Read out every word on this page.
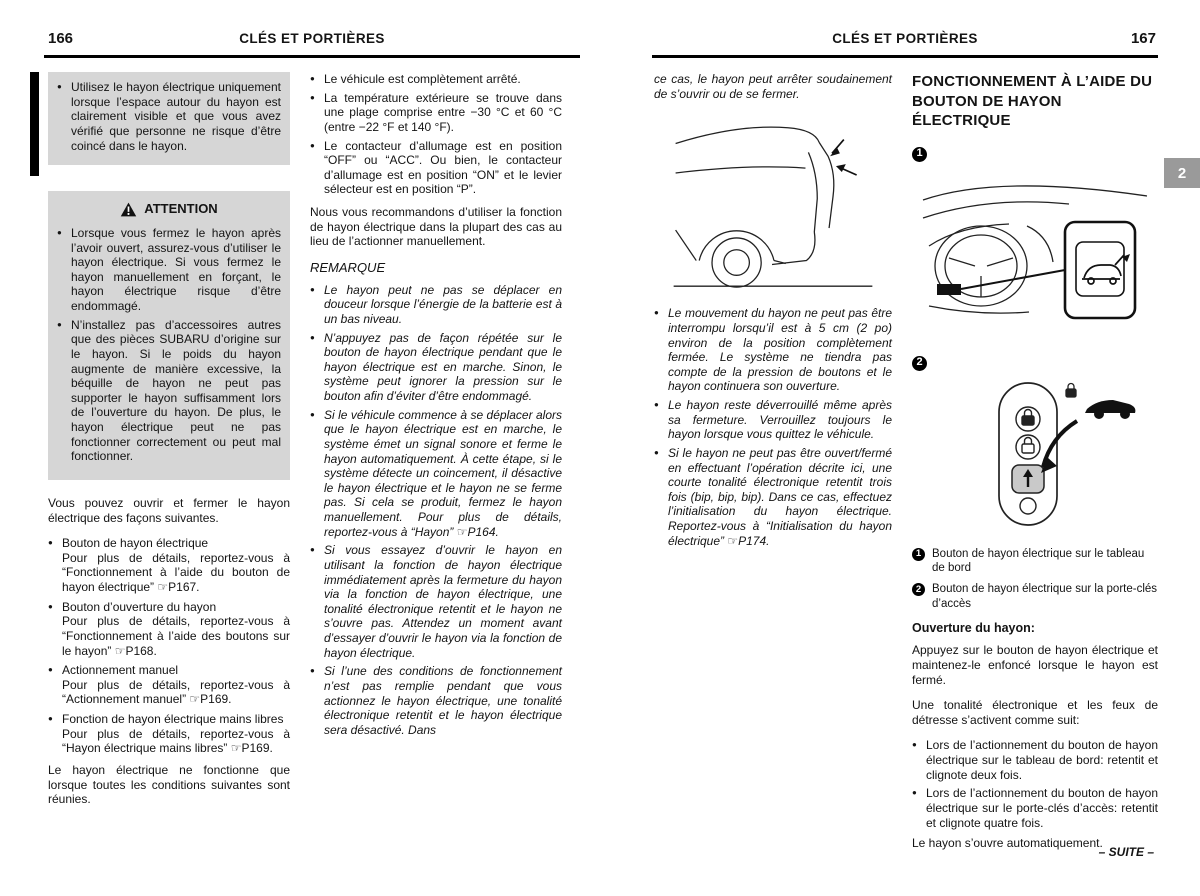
166	CLÉS ET PORTIÈRES
● Utilisez le hayon électrique uniquement lorsque l’espace autour du hayon est clairement visible et que vous avez vérifié que personne ne risque d’être coincé dans le hayon.
ATTENTION
● Lorsque vous fermez le hayon après l’avoir ouvert, assurez-vous d’utiliser le hayon électrique. Si vous fermez le hayon manuellement en forçant, le hayon électrique risque d’être endommagé.
● N’installez pas d’accessoires autres que des pièces SUBARU d’origine sur le hayon. Si le poids du hayon augmente de manière excessive, la béquille de hayon ne peut pas supporter le hayon suffisamment lors de l’ouverture du hayon. De plus, le hayon électrique peut ne pas fonctionner correctement ou peut mal fonctionner.

Vous pouvez ouvrir et fermer le hayon électrique des façons suivantes.

● Bouton de hayon électrique
Pour plus de détails, reportez-vous à “Fonctionnement à l’aide du bouton de hayon électrique” ☞P167.
● Bouton d’ouverture du hayon
Pour plus de détails, reportez-vous à “Fonctionnement à l’aide des boutons sur le hayon” ☞P168.
● Actionnement manuel
Pour plus de détails, reportez-vous à “Actionnement manuel” ☞P169.
● Fonction de hayon électrique mains libres
Pour plus de détails, reportez-vous à “Hayon électrique mains libres” ☞P169.

Le hayon électrique ne fonctionne que lorsque toutes les conditions suivantes sont réunies.

● Le véhicule est complètement arrêté.
● La température extérieure se trouve dans une plage comprise entre −30 °C et 60 °C (entre −22 °F et 140 °F).
● Le contacteur d’allumage est en position “OFF” ou “ACC”. Ou bien, le contacteur d’allumage est en position “ON” et le levier sélecteur est en position “P”.

Nous vous recommandons d’utiliser la fonction de hayon électrique dans la plupart des cas au lieu de l’actionner manuellement.

REMARQUE
● Le hayon peut ne pas se déplacer en douceur lorsque l’énergie de la batterie est à un bas niveau.
● N’appuyez pas de façon répétée sur le bouton de hayon électrique pendant que le hayon électrique est en marche. Sinon, le système peut ignorer la pression sur le bouton afin d’éviter d’être endommagé.
● Si le véhicule commence à se déplacer alors que le hayon électrique est en marche, le système émet un signal sonore et ferme le hayon automatiquement. À cette étape, si le système détecte un coincement, il désactive le hayon électrique et le hayon ne se ferme pas. Si cela se produit, fermez le hayon manuellement. Pour plus de détails, reportez-vous à “Hayon” ☞P164.
● Si vous essayez d’ouvrir le hayon en utilisant la fonction de hayon électrique immédiatement après la fermeture du hayon via la fonction de hayon électrique, une tonalité électronique retentit et le hayon ne s’ouvre pas. Attendez un moment avant d’essayer d’ouvrir le hayon via la fonction de hayon électrique.
● Si l’une des conditions de fonctionnement n’est pas remplie pendant que vous actionnez le hayon électrique, une tonalité électronique retentit et le hayon électrique sera désactivé. Dans
CLÉS ET PORTIÈRES	167

ce cas, le hayon peut arrêter soudainement de s’ouvrir ou de se fermer.

● Le mouvement du hayon ne peut pas être interrompu lorsqu’il est à 5 cm (2 po) environ de la position complètement fermée. Le système ne tiendra pas compte de la pression de boutons et le hayon continuera son ouverture.
● Le hayon reste déverrouillé même après sa fermeture. Verrouillez toujours le hayon lorsque vous quittez le véhicule.
● Si le hayon ne peut pas être ouvert/fermé en effectuant l’opération décrite ici, une courte tonalité électronique retentit trois fois (bip, bip, bip). Dans ce cas, effectuez l’initialisation du hayon électrique. Reportez-vous à “Initialisation du hayon électrique” ☞P174.
FONCTIONNEMENT À L’AIDE DU BOUTON DE HAYON ÉLECTRIQUE
1
2
1 Bouton de hayon électrique sur le tableau de bord
2 Bouton de hayon électrique sur la porte-clés d’accès
Ouverture du hayon:

Appuyez sur le bouton de hayon électrique et maintenez-le enfoncé lorsque le hayon est fermé.

Une tonalité électronique et les feux de détresse s’activent comme suit:

● Lors de l’actionnement du bouton de hayon électrique sur le tableau de bord: retentit et clignote deux fois.
● Lors de l’actionnement du bouton de hayon électrique sur le porte-clés d’accès: retentit et clignote quatre fois.

Le hayon s’ouvre automatiquement.

2
– SUITE –
